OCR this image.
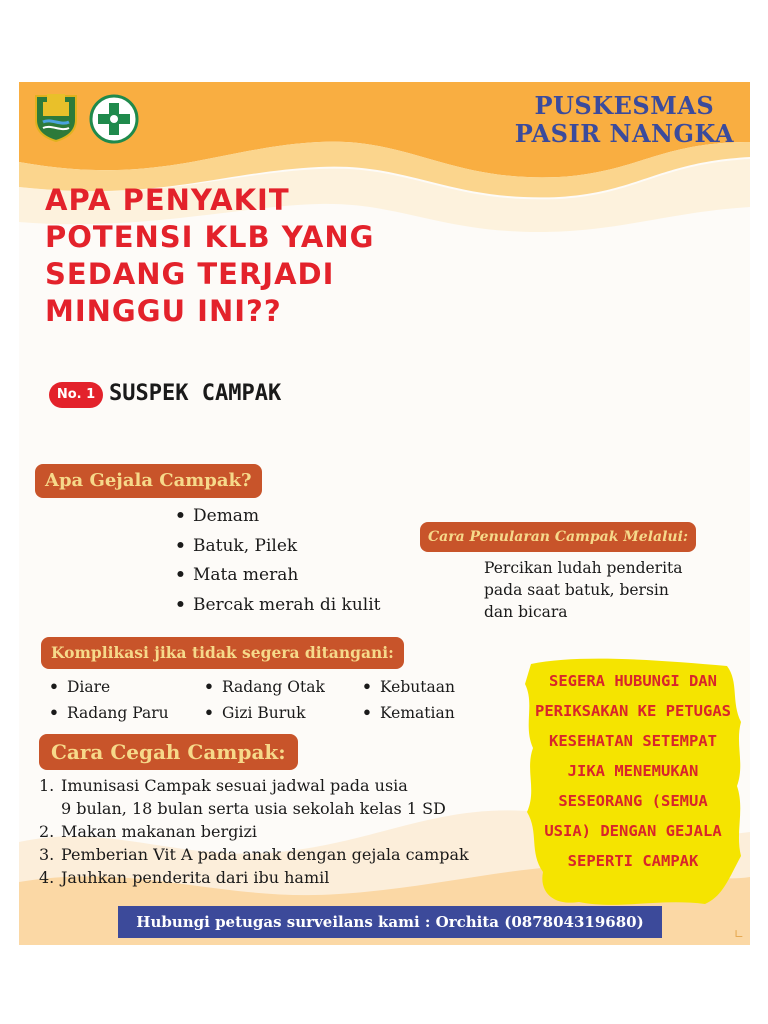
PUSKESMAS
PASIR NANGKA
APA PENYAKIT
POTENSI KLB YANG
SEDANG TERJADI
MINGGU INI??
No. 1 SUSPEK CAMPAK
Apa Gejala Campak?
• Demam
• Batuk, Pilek
• Mata merah
• Bercak merah di kulit
Cara Penularan Campak Melalui:
Percikan ludah penderita
pada saat batuk, bersin
dan bicara
Komplikasi jika tidak segera ditangani:
• Diare
• Radang Paru
• Radang Otak
• Gizi Buruk
• Kebutaan
• Kematian
Cara Cegah Campak:
1. Imunisasi Campak sesuai jadwal pada usia
9 bulan, 18 bulan serta usia sekolah kelas 1 SD
2. Makan makanan bergizi
3. Pemberian Vit A pada anak dengan gejala campak
4. Jauhkan penderita dari ibu hamil
SEGERA HUBUNGI DAN
PERIKSAKAN KE PETUGAS
KESEHATAN SETEMPAT
JIKA MENEMUKAN
SESEORANG (SEMUA
USIA) DENGAN GEJALA
SEPERTI CAMPAK
Hubungi petugas surveilans kami : Orchita (087804319680)
∟
